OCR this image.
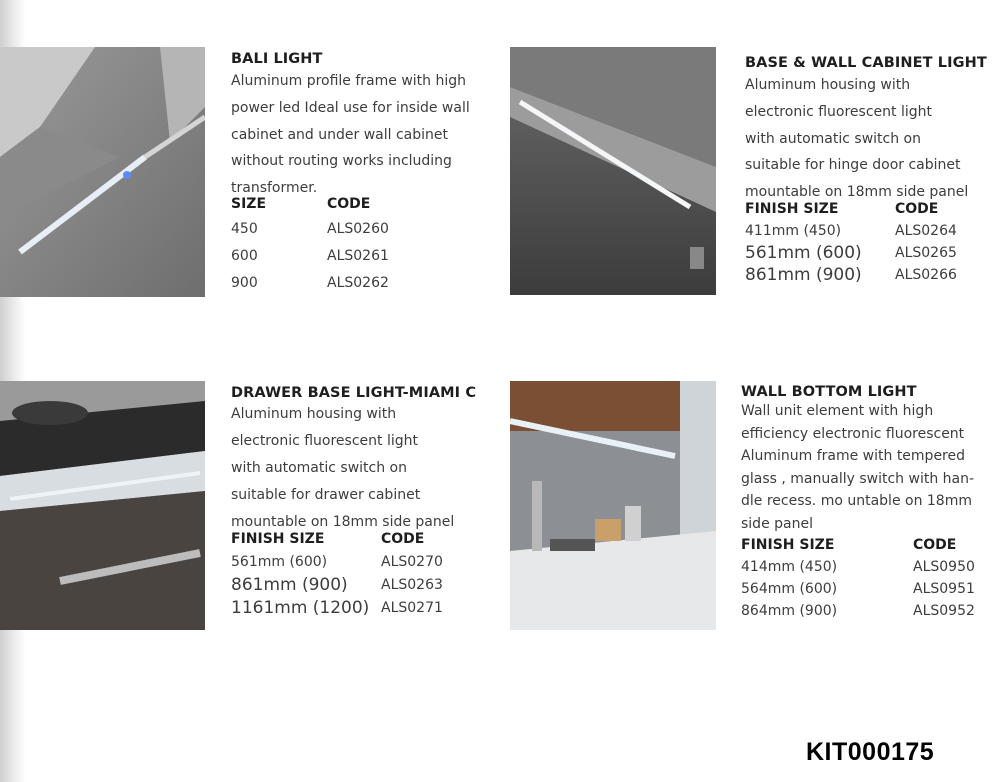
BALI LIGHT
Aluminum profile frame with high
power led Ideal use for inside wall
cabinet and under wall cabinet
without routing works including
transformer.
SIZE	CODE
450	ALS0260
600	ALS0261
900	ALS0262
BASE & WALL CABINET LIGHT
Aluminum housing with
electronic fluorescent light
with automatic switch on
suitable for hinge door cabinet
mountable on 18mm side panel
FINISH SIZE	CODE
411mm (450)	ALS0264
561mm (600) ALS0265
861mm (900) ALS0266
DRAWER BASE LIGHT-MIAMI C
Aluminum housing with
electronic fluorescent light
with automatic switch on
suitable for drawer cabinet
mountable on 18mm side panel
FINISH SIZE	CODE
561mm (600)	ALS0270
861mm (900) ALS0263
1161mm (1200) ALS0271
WALL BOTTOM LIGHT
Wall unit element with high
efficiency electronic fluorescent
Aluminum frame with tempered
glass , manually switch with han-
dle recess. mo untable on 18mm
side panel
FINISH SIZE	CODE
414mm (450)	ALS0950
564mm (600)	ALS0951
864mm (900)	ALS0952
KIT000175
